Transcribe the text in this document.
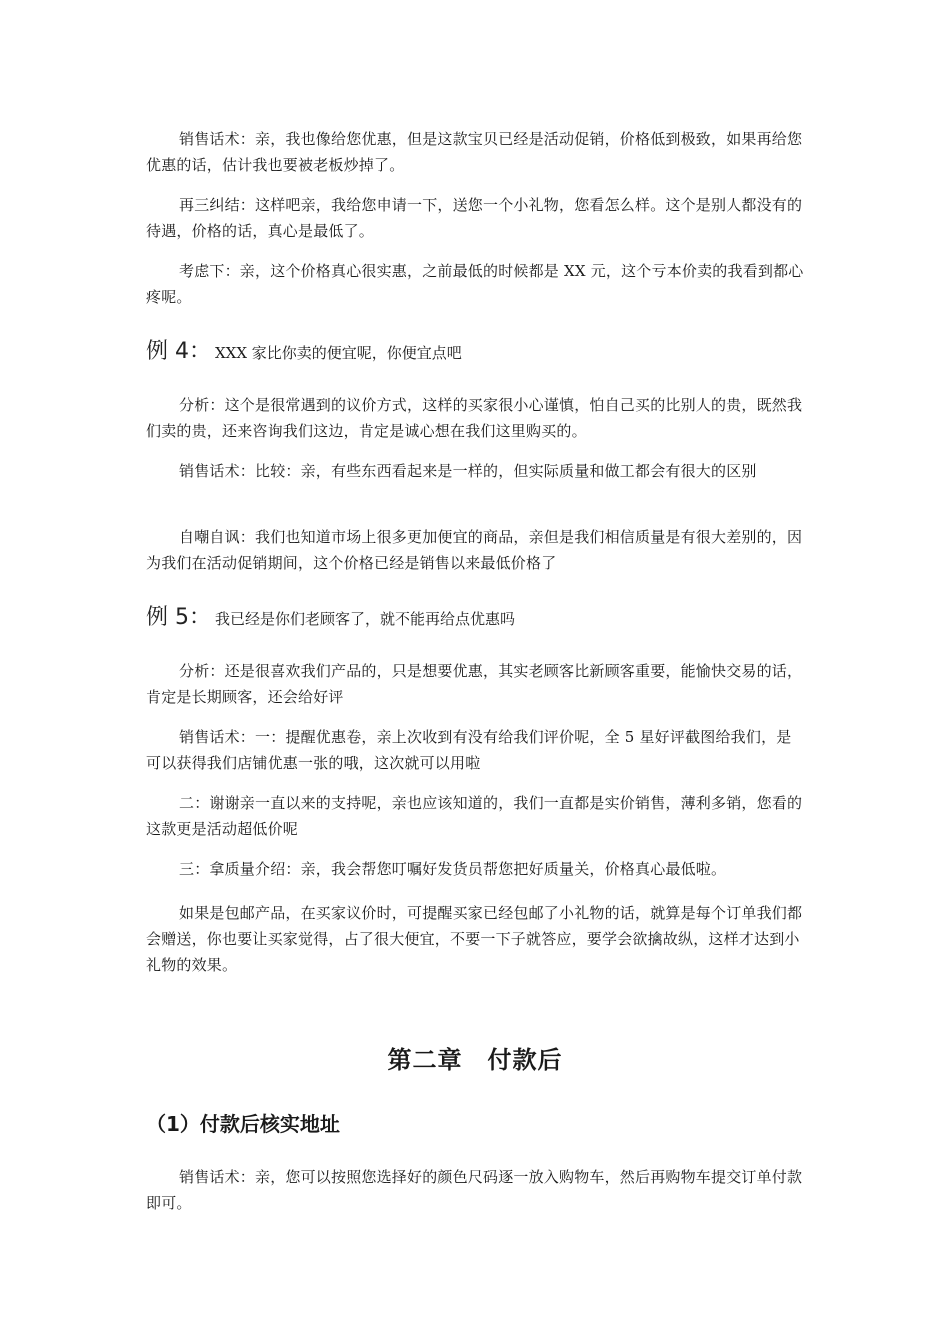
销售话术：亲，我也像给您优惠，但是这款宝贝已经是活动促销，价格低到极致，如果再给您优惠的话，估计我也要被老板炒掉了。

再三纠结：这样吧亲，我给您申请一下，送您一个小礼物，您看怎么样。这个是别人都没有的待遇，价格的话，真心是最低了。

考虑下：亲，这个价格真心很实惠，之前最低的时候都是 XX 元，这个亏本价卖的我看到都心疼呢。

例 4： XXX 家比你卖的便宜呢，你便宜点吧

分析：这个是很常遇到的议价方式，这样的买家很小心谨慎，怕自己买的比别人的贵，既然我们卖的贵，还来咨询我们这边，肯定是诚心想在我们这里购买的。

销售话术：比较：亲，有些东西看起来是一样的，但实际质量和做工都会有很大的区别

自嘲自讽：我们也知道市场上很多更加便宜的商品，亲但是我们相信质量是有很大差别的，因为我们在活动促销期间，这个价格已经是销售以来最低价格了

例 5： 我已经是你们老顾客了，就不能再给点优惠吗

分析：还是很喜欢我们产品的，只是想要优惠，其实老顾客比新顾客重要，能愉快交易的话，肯定是长期顾客，还会给好评

销售话术：一：提醒优惠卷，亲上次收到有没有给我们评价呢，全 5 星好评截图给我们，是可以获得我们店铺优惠一张的哦，这次就可以用啦

二：谢谢亲一直以来的支持呢，亲也应该知道的，我们一直都是实价销售，薄利多销，您看的这款更是活动超低价呢

三：拿质量介绍：亲，我会帮您叮嘱好发货员帮您把好质量关，价格真心最低啦。

如果是包邮产品，在买家议价时，可提醒买家已经包邮了小礼物的话，就算是每个订单我们都会赠送，你也要让买家觉得，占了很大便宜，不要一下子就答应，要学会欲擒故纵，这样才达到小礼物的效果。

第二章　付款后
（1）付款后核实地址

销售话术：亲，您可以按照您选择好的颜色尺码逐一放入购物车，然后再购物车提交订单付款即可。
